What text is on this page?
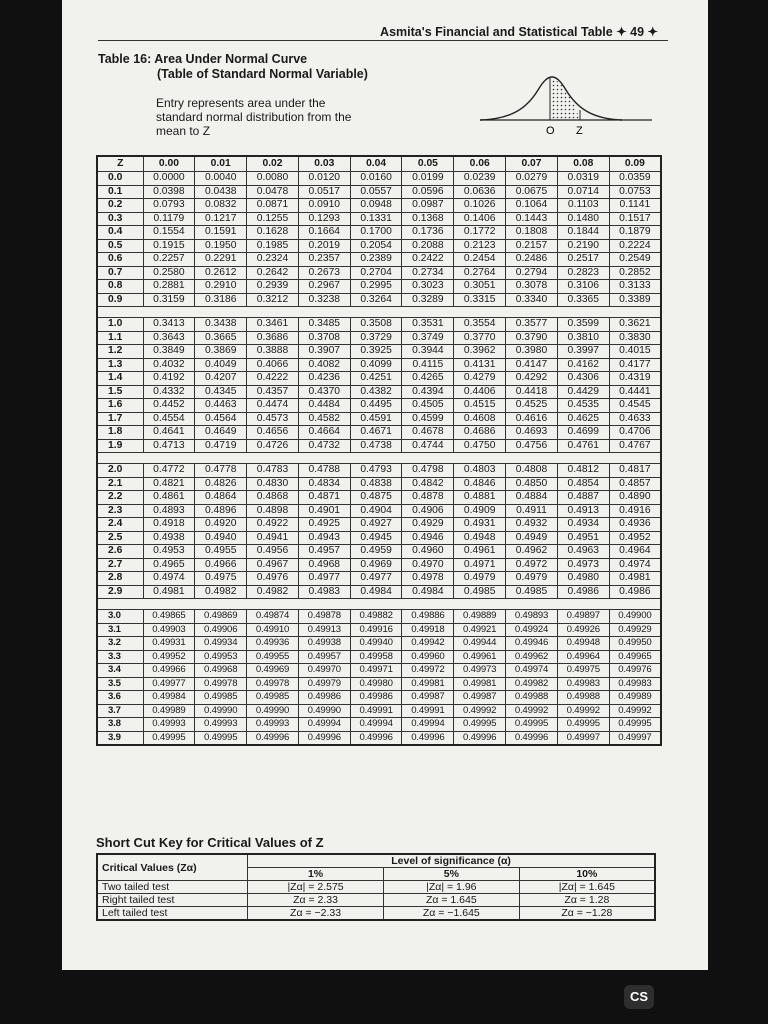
Asmita's Financial and Statistical Table ✦ 49 ✦
Table 16: Area Under Normal Curve
(Table of Standard Normal Variable)
Entry represents area under the standard normal distribution from the mean to Z	O Z
Z	0.00	0.01	0.02	0.03	0.04	0.05	0.06	0.07	0.08	0.09
0.0	0.0000	0.0040	0.0080	0.0120	0.0160	0.0199	0.0239	0.0279	0.0319	0.0359
0.1	0.0398	0.0438	0.0478	0.0517	0.0557	0.0596	0.0636	0.0675	0.0714	0.0753
0.2	0.0793	0.0832	0.0871	0.0910	0.0948	0.0987	0.1026	0.1064	0.1103	0.1141
0.3	0.1179	0.1217	0.1255	0.1293	0.1331	0.1368	0.1406	0.1443	0.1480	0.1517
0.4	0.1554	0.1591	0.1628	0.1664	0.1700	0.1736	0.1772	0.1808	0.1844	0.1879
0.5	0.1915	0.1950	0.1985	0.2019	0.2054	0.2088	0.2123	0.2157	0.2190	0.2224
0.6	0.2257	0.2291	0.2324	0.2357	0.2389	0.2422	0.2454	0.2486	0.2517	0.2549
0.7	0.2580	0.2612	0.2642	0.2673	0.2704	0.2734	0.2764	0.2794	0.2823	0.2852
0.8	0.2881	0.2910	0.2939	0.2967	0.2995	0.3023	0.3051	0.3078	0.3106	0.3133
0.9	0.3159	0.3186	0.3212	0.3238	0.3264	0.3289	0.3315	0.3340	0.3365	0.3389

1.0	0.3413	0.3438	0.3461	0.3485	0.3508	0.3531	0.3554	0.3577	0.3599	0.3621
1.1	0.3643	0.3665	0.3686	0.3708	0.3729	0.3749	0.3770	0.3790	0.3810	0.3830
1.2	0.3849	0.3869	0.3888	0.3907	0.3925	0.3944	0.3962	0.3980	0.3997	0.4015
1.3	0.4032	0.4049	0.4066	0.4082	0.4099	0.4115	0.4131	0.4147	0.4162	0.4177
1.4	0.4192	0.4207	0.4222	0.4236	0.4251	0.4265	0.4279	0.4292	0.4306	0.4319
1.5	0.4332	0.4345	0.4357	0.4370	0.4382	0.4394	0.4406	0.4418	0.4429	0.4441
1.6	0.4452	0.4463	0.4474	0.4484	0.4495	0.4505	0.4515	0.4525	0.4535	0.4545
1.7	0.4554	0.4564	0.4573	0.4582	0.4591	0.4599	0.4608	0.4616	0.4625	0.4633
1.8	0.4641	0.4649	0.4656	0.4664	0.4671	0.4678	0.4686	0.4693	0.4699	0.4706
1.9	0.4713	0.4719	0.4726	0.4732	0.4738	0.4744	0.4750	0.4756	0.4761	0.4767

2.0	0.4772	0.4778	0.4783	0.4788	0.4793	0.4798	0.4803	0.4808	0.4812	0.4817
2.1	0.4821	0.4826	0.4830	0.4834	0.4838	0.4842	0.4846	0.4850	0.4854	0.4857
2.2	0.4861	0.4864	0.4868	0.4871	0.4875	0.4878	0.4881	0.4884	0.4887	0.4890
2.3	0.4893	0.4896	0.4898	0.4901	0.4904	0.4906	0.4909	0.4911	0.4913	0.4916
2.4	0.4918	0.4920	0.4922	0.4925	0.4927	0.4929	0.4931	0.4932	0.4934	0.4936
2.5	0.4938	0.4940	0.4941	0.4943	0.4945	0.4946	0.4948	0.4949	0.4951	0.4952
2.6	0.4953	0.4955	0.4956	0.4957	0.4959	0.4960	0.4961	0.4962	0.4963	0.4964
2.7	0.4965	0.4966	0.4967	0.4968	0.4969	0.4970	0.4971	0.4972	0.4973	0.4974
2.8	0.4974	0.4975	0.4976	0.4977	0.4977	0.4978	0.4979	0.4979	0.4980	0.4981
2.9	0.4981	0.4982	0.4982	0.4983	0.4984	0.4984	0.4985	0.4985	0.4986	0.4986

3.0	0.49865	0.49869	0.49874	0.49878	0.49882	0.49886	0.49889	0.49893	0.49897	0.49900
3.1	0.49903	0.49906	0.49910	0.49913	0.49916	0.49918	0.49921	0.49924	0.49926	0.49929
3.2	0.49931	0.49934	0.49936	0.49938	0.49940	0.49942	0.49944	0.49946	0.49948	0.49950
3.3	0.49952	0.49953	0.49955	0.49957	0.49958	0.49960	0.49961	0.49962	0.49964	0.49965
3.4	0.49966	0.49968	0.49969	0.49970	0.49971	0.49972	0.49973	0.49974	0.49975	0.49976
3.5	0.49977	0.49978	0.49978	0.49979	0.49980	0.49981	0.49981	0.49982	0.49983	0.49983
3.6	0.49984	0.49985	0.49985	0.49986	0.49986	0.49987	0.49987	0.49988	0.49988	0.49989
3.7	0.49989	0.49990	0.49990	0.49990	0.49991	0.49991	0.49992	0.49992	0.49992	0.49992
3.8	0.49993	0.49993	0.49993	0.49994	0.49994	0.49994	0.49995	0.49995	0.49995	0.49995
3.9	0.49995	0.49995	0.49996	0.49996	0.49996	0.49996	0.49996	0.49996	0.49997	0.49997
Short Cut Key for Critical Values of Z
Critical Values (Zα)	Level of significance (α)		
	1%	5%	10%
Two tailed test	|Zα| = 2.575	|Zα| = 1.96	|Zα| = 1.645
Right tailed test	Zα = 2.33	Zα = 1.645	Zα = 1.28
Left tailed test	Zα = −2.33	Zα = −1.645	Zα = −1.28
CS
